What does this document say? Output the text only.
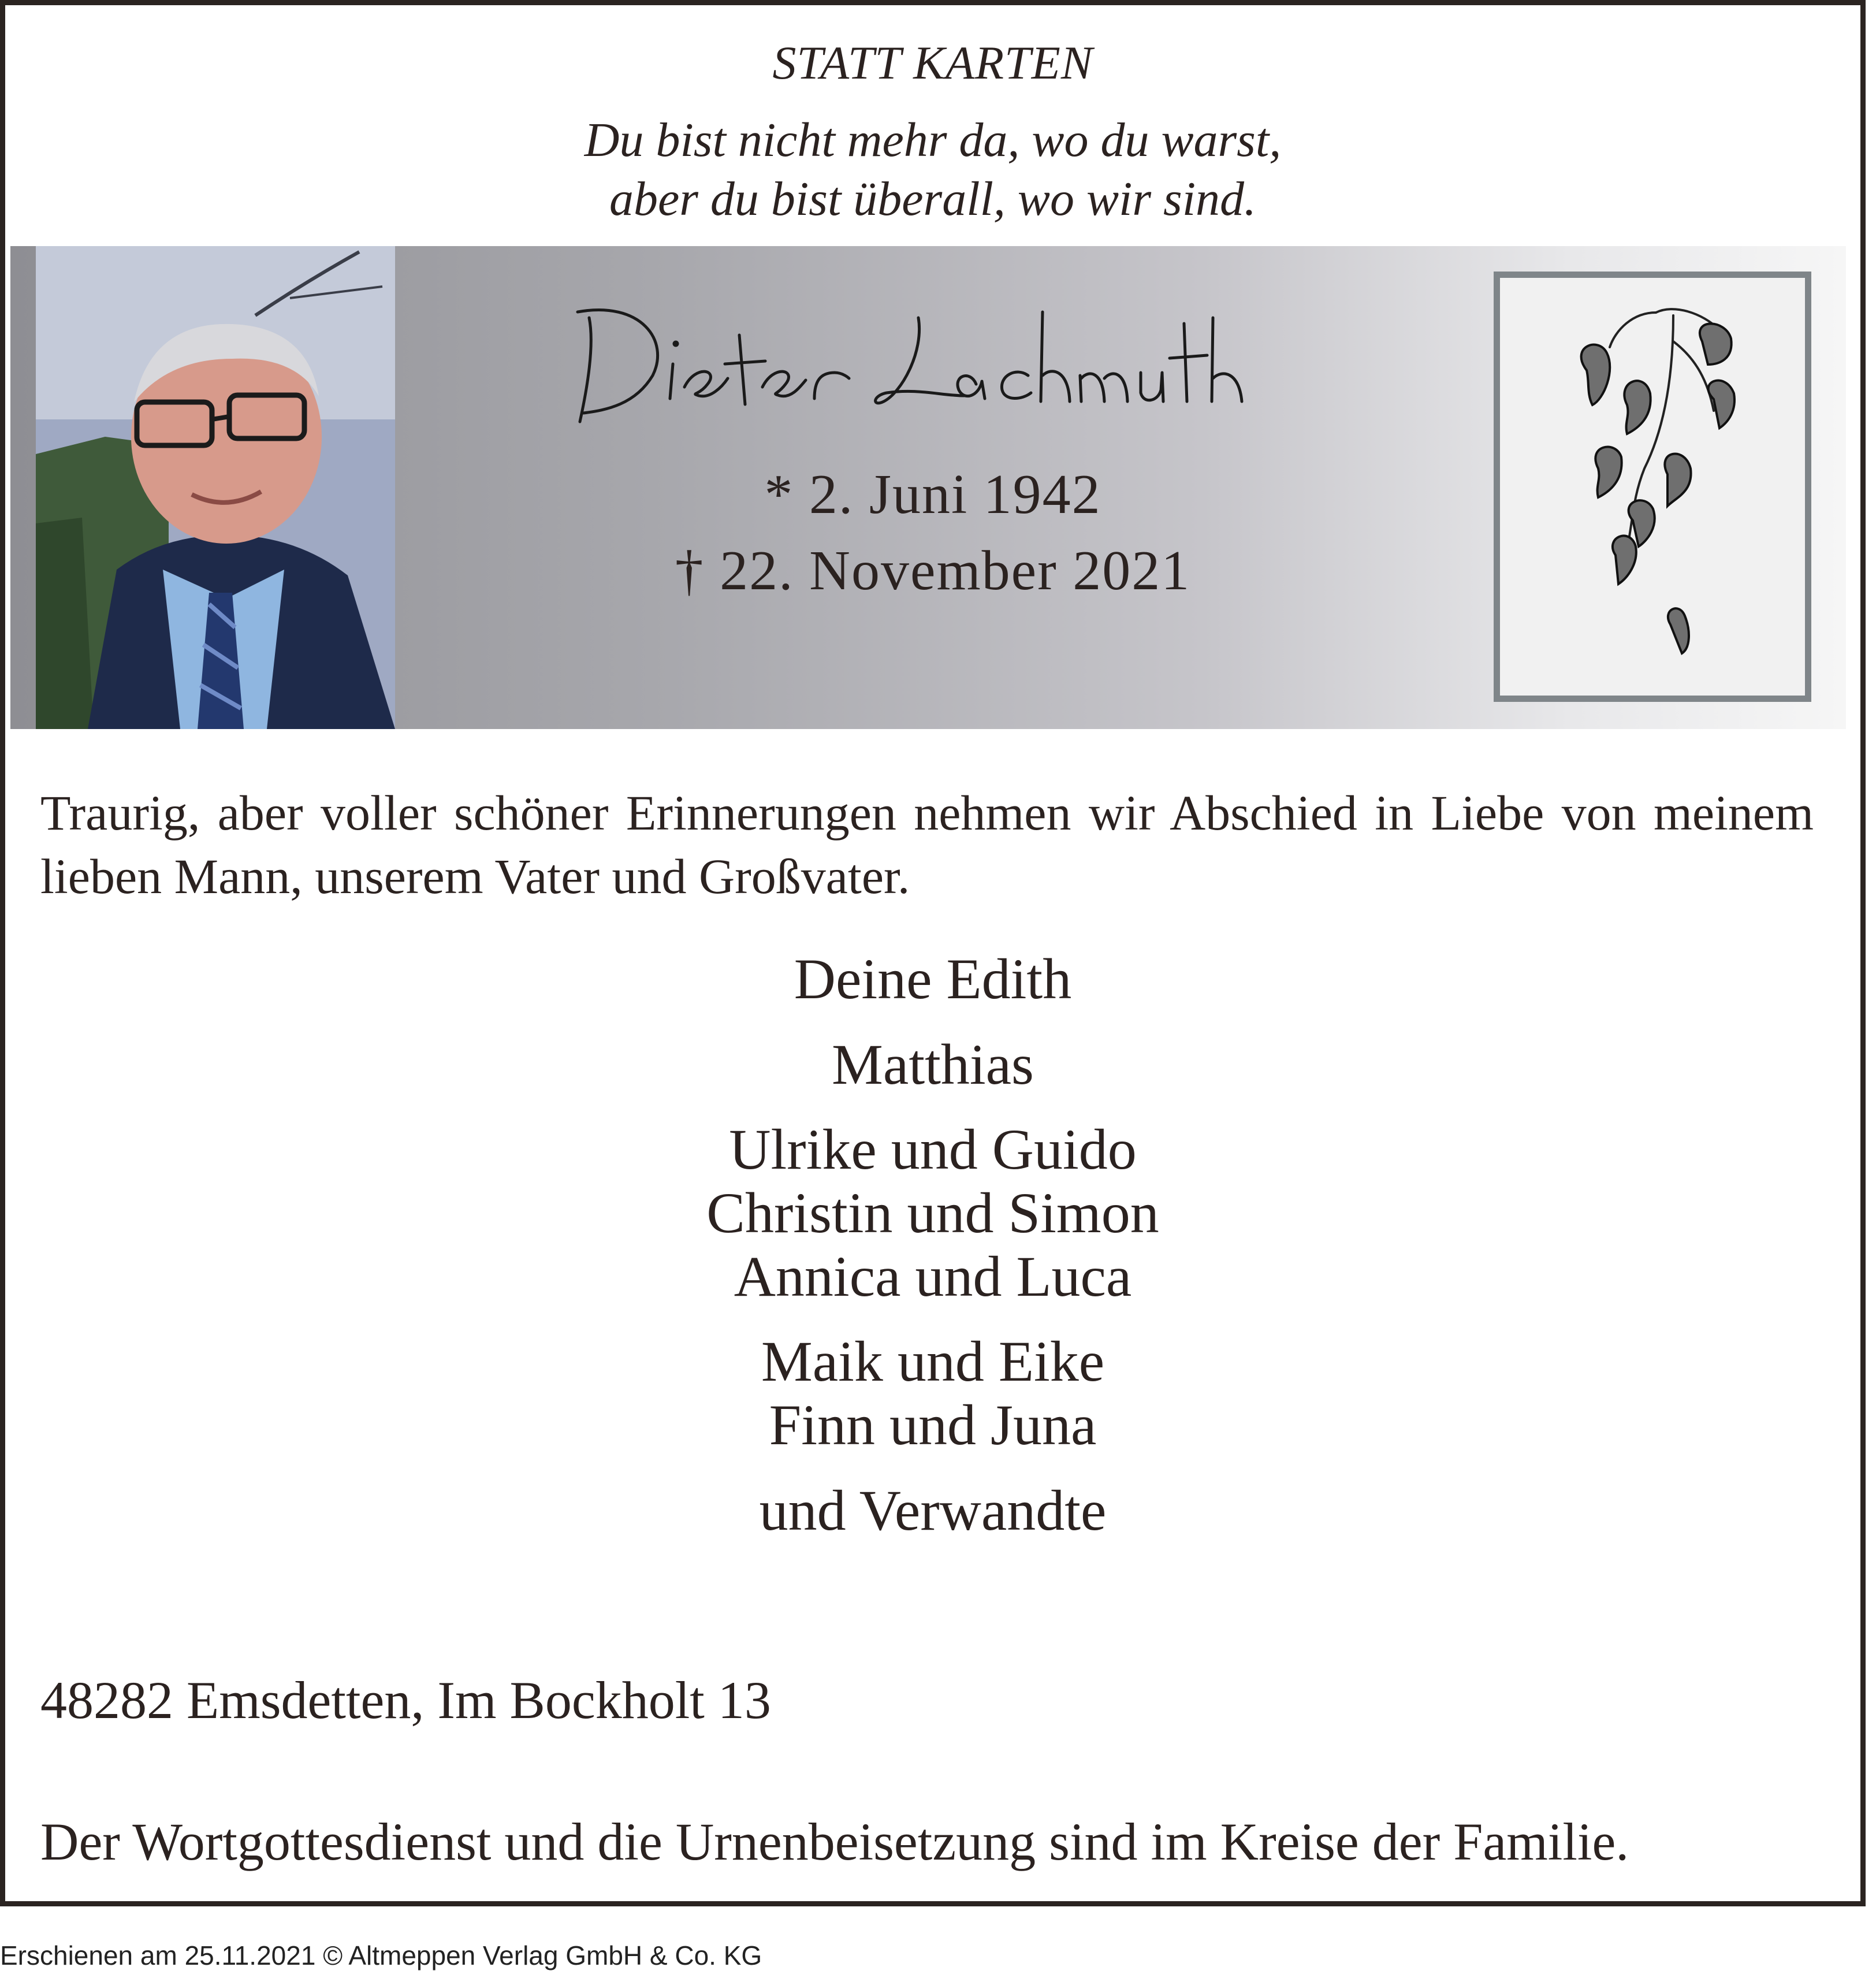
STATT KARTEN
Du bist nicht mehr da, wo du warst,
aber du bist überall, wo wir sind.
* 2. Juni 1942
† 22. November 2021
Traurig, aber voller schöner Erinnerungen nehmen wir Abschied in Liebe von meinem lieben Mann, unserem Vater und Großvater.
Deine Edith
Matthias
Ulrike und Guido
Christin und Simon
Annica und Luca
Maik und Eike
Finn und Juna
und Verwandte
48282 Emsdetten, Im Bockholt 13
Der Wortgottesdienst und die Urnenbeisetzung sind im Kreise der Familie.
Erschienen am 25.11.2021 © Altmeppen Verlag GmbH & Co. KG
